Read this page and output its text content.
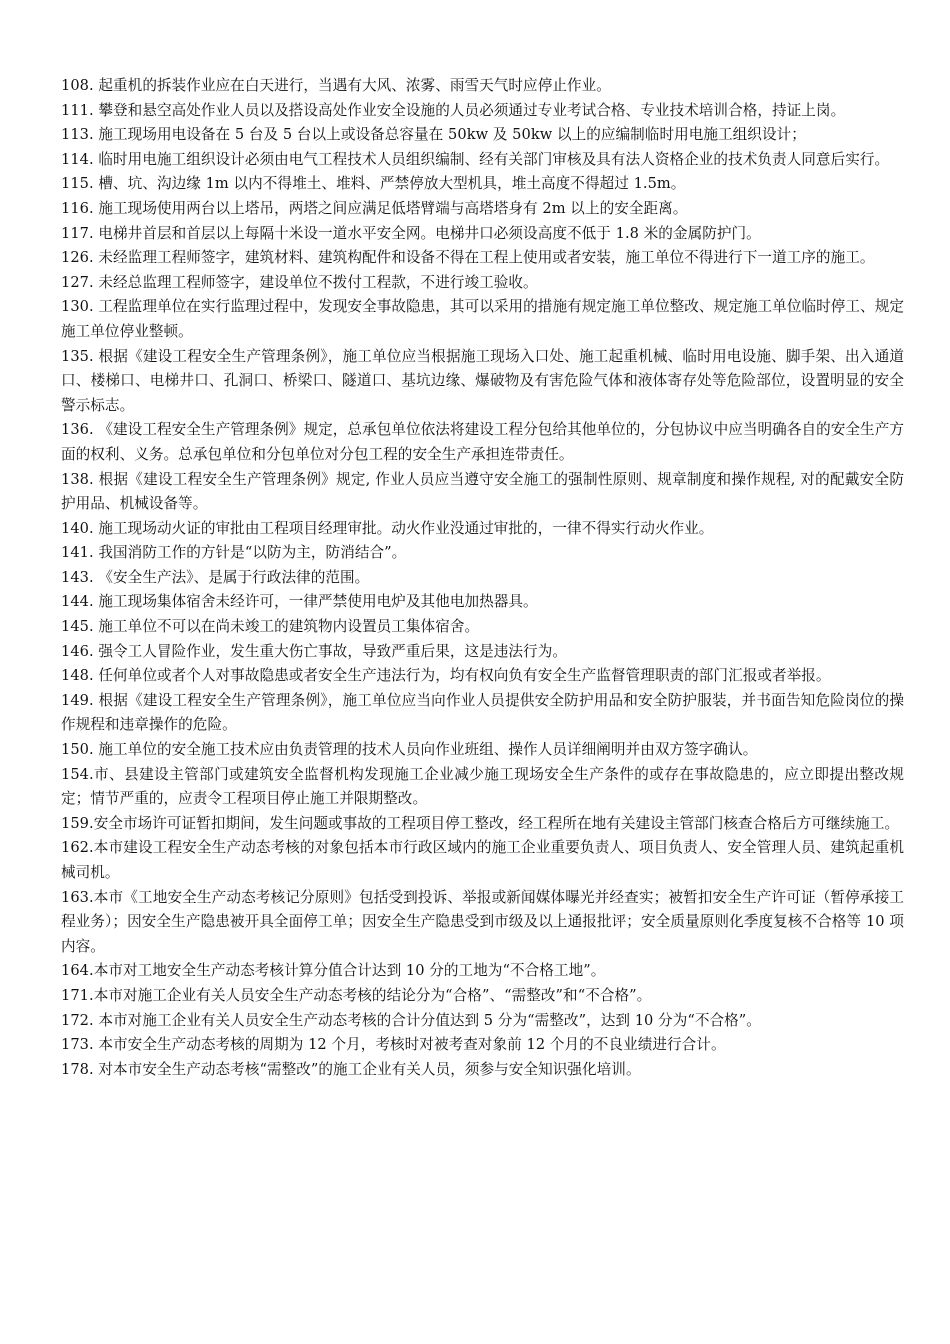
108. 起重机的拆装作业应在白天进行，当遇有大风、浓雾、雨雪天气时应停止作业。

111. 攀登和悬空高处作业人员以及搭设高处作业安全设施的人员必须通过专业考试合格、专业技术培训合格，持证上岗。

113. 施工现场用电设备在 5 台及 5 台以上或设备总容量在 50kw 及 50kw 以上的应编制临时用电施工组织设计；

114. 临时用电施工组织设计必须由电气工程技术人员组织编制、经有关部门审核及具有法人资格企业的技术负责人同意后实行。

115. 槽、坑、沟边缘 1m 以内不得堆土、堆料、严禁停放大型机具，堆土高度不得超过 1.5m。

116. 施工现场使用两台以上塔吊，两塔之间应满足低塔臂端与高塔塔身有 2m 以上的安全距离。

117. 电梯井首层和首层以上每隔十米设一道水平安全网。电梯井口必须设高度不低于 1.8 米的金属防护门。

126. 未经监理工程师签字，建筑材料、建筑构配件和设备不得在工程上使用或者安装，施工单位不得进行下一道工序的施工。

127. 未经总监理工程师签字，建设单位不拨付工程款，不进行竣工验收。

130. 工程监理单位在实行监理过程中，发现安全事故隐患，其可以采用的措施有规定施工单位整改、规定施工单位临时停工、规定施工单位停业整顿。

135. 根据《建设工程安全生产管理条例》，施工单位应当根据施工现场入口处、施工起重机械、临时用电设施、脚手架、出入通道口、楼梯口、电梯井口、孔洞口、桥梁口、隧道口、基坑边缘、爆破物及有害危险气体和液体寄存处等危险部位，设置明显的安全警示标志。

136. 《建设工程安全生产管理条例》规定，总承包单位依法将建设工程分包给其他单位的，分包协议中应当明确各自的安全生产方面的权利、义务。总承包单位和分包单位对分包工程的安全生产承担连带责任。

138. 根据《建设工程安全生产管理条例》规定, 作业人员应当遵守安全施工的强制性原则、规章制度和操作规程, 对的配戴安全防护用品、机械设备等。

140. 施工现场动火证的审批由工程项目经理审批。动火作业没通过审批的，一律不得实行动火作业。

141. 我国消防工作的方针是“以防为主，防消结合”。

143. 《安全生产法》、是属于行政法律的范围。

144. 施工现场集体宿舍未经许可，一律严禁使用电炉及其他电加热器具。

145. 施工单位不可以在尚未竣工的建筑物内设置员工集体宿舍。

146. 强令工人冒险作业，发生重大伤亡事故，导致严重后果，这是违法行为。

148. 任何单位或者个人对事故隐患或者安全生产违法行为，均有权向负有安全生产监督管理职责的部门汇报或者举报。

149. 根据《建设工程安全生产管理条例》，施工单位应当向作业人员提供安全防护用品和安全防护服装，并书面告知危险岗位的操作规程和违章操作的危险。

150. 施工单位的安全施工技术应由负责管理的技术人员向作业班组、操作人员详细阐明并由双方签字确认。

154.市、县建设主管部门或建筑安全监督机构发现施工企业减少施工现场安全生产条件的或存在事故隐患的，应立即提出整改规定；情节严重的，应责令工程项目停止施工并限期整改。

159.安全市场许可证暂扣期间，发生问题或事故的工程项目停工整改，经工程所在地有关建设主管部门核查合格后方可继续施工。

162.本市建设工程安全生产动态考核的对象包括本市行政区域内的施工企业重要负责人、项目负责人、安全管理人员、建筑起重机械司机。

163.本市《工地安全生产动态考核记分原则》包括受到投诉、举报或新闻媒体曝光并经查实；被暂扣安全生产许可证（暂停承接工程业务）；因安全生产隐患被开具全面停工单；因安全生产隐患受到市级及以上通报批评；安全质量原则化季度复核不合格等 10 项内容。

164.本市对工地安全生产动态考核计算分值合计达到 10 分的工地为“不合格工地”。

171.本市对施工企业有关人员安全生产动态考核的结论分为“合格”、“需整改”和“不合格”。

172. 本市对施工企业有关人员安全生产动态考核的合计分值达到 5 分为“需整改”，达到 10 分为“不合格”。

173. 本市安全生产动态考核的周期为 12 个月，考核时对被考查对象前 12 个月的不良业绩进行合计。

178. 对本市安全生产动态考核“需整改”的施工企业有关人员，须参与安全知识强化培训。
